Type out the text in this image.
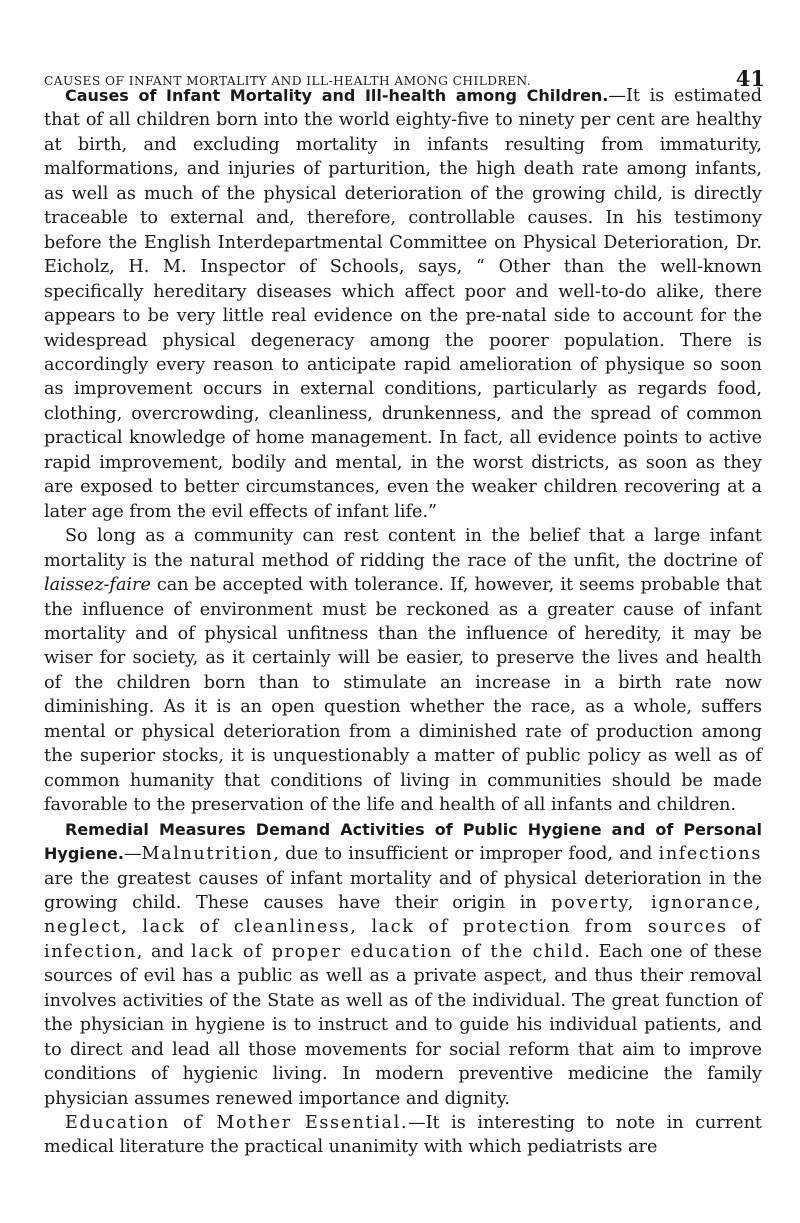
CAUSES OF INFANT MORTALITY AND ILL-HEALTH AMONG CHILDREN.	41

Causes of Infant Mortality and Ill-health among Children.—It is estimated that of all children born into the world eighty-five to ninety per cent are healthy at birth, and excluding mortality in infants resulting from immaturity, malformations, and injuries of parturition, the high death rate among infants, as well as much of the physical deterioration of the growing child, is directly traceable to external and, therefore, controllable causes. In his testimony before the English Interdepartmental Committee on Physical Deterioration, Dr. Eicholz, H. M. Inspector of Schools, says, “ Other than the well-known specifically hereditary diseases which affect poor and well-to-do alike, there appears to be very little real evidence on the pre-natal side to account for the widespread physical degeneracy among the poorer population. There is accordingly every reason to anticipate rapid amelioration of physique so soon as improvement occurs in external conditions, particularly as regards food, clothing, overcrowding, cleanliness, drunkenness, and the spread of common practical knowledge of home management. In fact, all evidence points to active rapid improvement, bodily and mental, in the worst districts, as soon as they are exposed to better circumstances, even the weaker children recovering at a later age from the evil effects of infant life.”

So long as a community can rest content in the belief that a large infant mortality is the natural method of ridding the race of the unfit, the doctrine of laissez-faire can be accepted with tolerance. If, however, it seems probable that the influence of environment must be reckoned as a greater cause of infant mortality and of physical unfitness than the influence of heredity, it may be wiser for society, as it certainly will be easier, to preserve the lives and health of the children born than to stimulate an increase in a birth rate now diminishing. As it is an open question whether the race, as a whole, suffers mental or physical deterioration from a diminished rate of production among the superior stocks, it is unquestionably a matter of public policy as well as of common humanity that conditions of living in communities should be made favorable to the preservation of the life and health of all infants and children.

Remedial Measures Demand Activities of Public Hygiene and of Personal Hygiene.—Malnutrition, due to insufficient or improper food, and infections are the greatest causes of infant mortality and of physical deterioration in the growing child. These causes have their origin in poverty, ignorance, neglect, lack of cleanliness, lack of protection from sources of infection, and lack of proper education of the child. Each one of these sources of evil has a public as well as a private aspect, and thus their removal involves activities of the State as well as of the individual. The great function of the physician in hygiene is to instruct and to guide his individual patients, and to direct and lead all those movements for social reform that aim to improve conditions of hygienic living. In modern preventive medicine the family physician assumes renewed importance and dignity.

Education of Mother Essential.—It is interesting to note in current medical literature the practical unanimity with which pediatrists are
